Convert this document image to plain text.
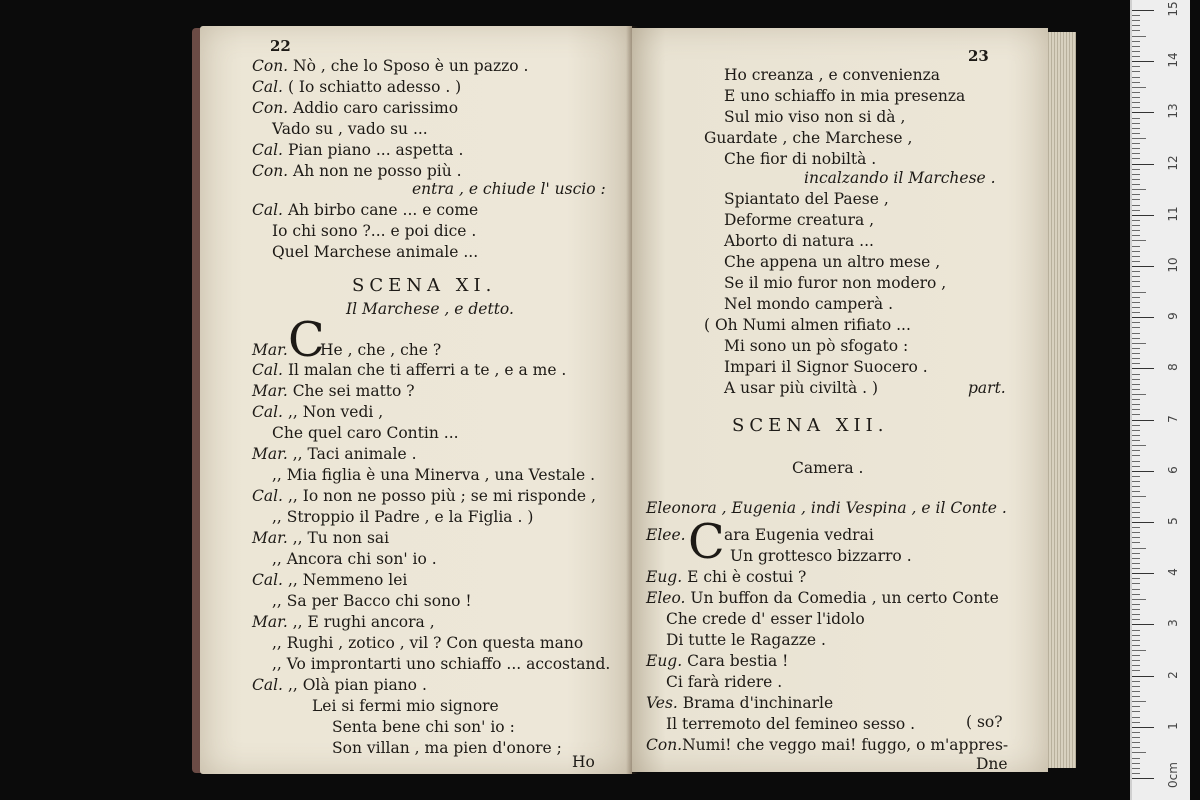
22
Con. Nò , che lo Sposo è un pazzo .
Cal. ( Io schiatto adesso . )
Con. Addio caro carissimo
Vado su , vado su ...
Cal. Pian piano ... aspetta .
Con. Ah non ne posso più .
entra , e chiude l' uscio :
Cal. Ah birbo cane ... e come
Io chi sono ?... e poi dice .
Quel Marchese animale ...
SCENA XI.
Il Marchese , e detto.
C
Mar. He , che , che ?
Cal. Il malan che ti afferri a te , e a me .
Mar. Che sei matto ?
Cal. ,, Non vedi ,
Che quel caro Contin ...
Mar. ,, Taci animale .
,, Mia figlia è una Minerva , una Vestale .
Cal. ,, Io non ne posso più ; se mi risponde ,
,, Stroppio il Padre , e la Figlia . )
Mar. ,, Tu non sai
,, Ancora chi son' io .
Cal. ,, Nemmeno lei
,, Sa per Bacco chi sono !
Mar. ,, E rughi ancora ,
,, Rughi , zotico , vil ? Con questa mano
,, Vo improntarti uno schiaffo ... accostand.
Cal. ,, Olà pian piano .
Lei si fermi mio signore
Senta bene chi son' io :
Son villan , ma pien d'onore ;
Ho
23
Ho creanza , e convenienza
E uno schiaffo in mia presenza
Sul mio viso non si dà ,
Guardate , che Marchese ,
Che fior di nobiltà .
incalzando il Marchese .
Spiantato del Paese ,
Deforme creatura ,
Aborto di natura ...
Che appena un altro mese ,
Se il mio furor non modero ,
Nel mondo camperà .
( Oh Numi almen rifiato ...
Mi sono un pò sfogato :
Impari il Signor Suocero .
A usar più civiltà . )	part.
SCENA XII.
Camera .
Eleonora , Eugenia , indi Vespina , e il Conte .
C
Elee. ara Eugenia vedrai
Un grottesco bizzarro .
Eug. E chi è costui ?
Eleo. Un buffon da Comedia , un certo Conte
Che crede d' esser l'idolo
Di tutte le Ragazze .
Eug. Cara bestia !
Ci farà ridere .
Ves. Brama d'inchinarle
Il terremoto del femineo sesso .	( so?
Con.Numi! che veggo mai! fuggo, o m'appres-
Dne	0cm
1
2
3
4
5
6
7
8
9
10
11
12
13
14
15
